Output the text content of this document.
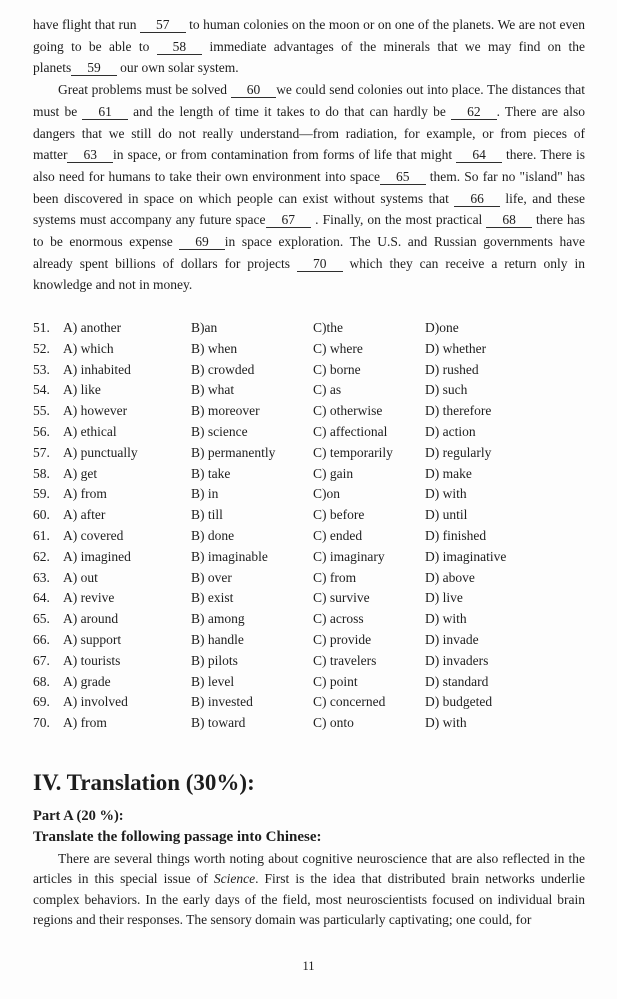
have flight that run 57 to human colonies on the moon or on one of the planets. We are not even going to be able to 58 immediate advantages of the minerals that we may find on the planets 59 our own solar system.

Great problems must be solved 60 we could send colonies out into place. The distances that must be 61 and the length of time it takes to do that can hardly be 62 . There are also dangers that we still do not really understand—from radiation, for example, or from pieces of matter 63 in space, or from contamination from forms of life that might 64 there. There is also need for humans to take their own environment into space 65 them. So far no "island" has been discovered in space on which people can exist without systems that 66 life, and these systems must accompany any future space 67 . Finally, on the most practical 68 there has to be enormous expense 69 in space exploration. The U.S. and Russian governments have already spent billions of dollars for projects 70 which they can receive a return only in knowledge and not in money.

51. A) another	B)an	C)the	D)one
52. A) which	B) when	C) where	D) whether
53. A) inhabited	B) crowded	C) borne	D) rushed
54. A) like	B) what	C) as	D) such
55. A) however	B) moreover	C) otherwise	D) therefore
56. A) ethical	B) science	C) affectional	D) action
57. A) punctually	B) permanently	C) temporarily	D) regularly
58. A) get	B) take	C) gain	D) make
59. A) from	B) in	C)on	D) with
60. A) after	B) till	C) before	D) until
61. A) covered	B) done	C) ended	D) finished
62. A) imagined	B) imaginable	C) imaginary	D) imaginative
63. A) out	B) over	C) from	D) above
64. A) revive	B) exist	C) survive	D) live
65. A) around	B) among	C) across	D) with
66. A) support	B) handle	C) provide	D) invade
67. A) tourists	B) pilots	C) travelers	D) invaders
68. A) grade	B) level	C) point	D) standard
69. A) involved	B) invested	C) concerned	D) budgeted
70. A) from	B) toward	C) onto	D) with
IV. Translation (30%):
Part A (20 %):
Translate the following passage into Chinese:

There are several things worth noting about cognitive neuroscience that are also reflected in the articles in this special issue of Science. First is the idea that distributed brain networks underlie complex behaviors. In the early days of the field, most neuroscientists focused on individual brain regions and their responses. The sensory domain was particularly captivating; one could, for

11
